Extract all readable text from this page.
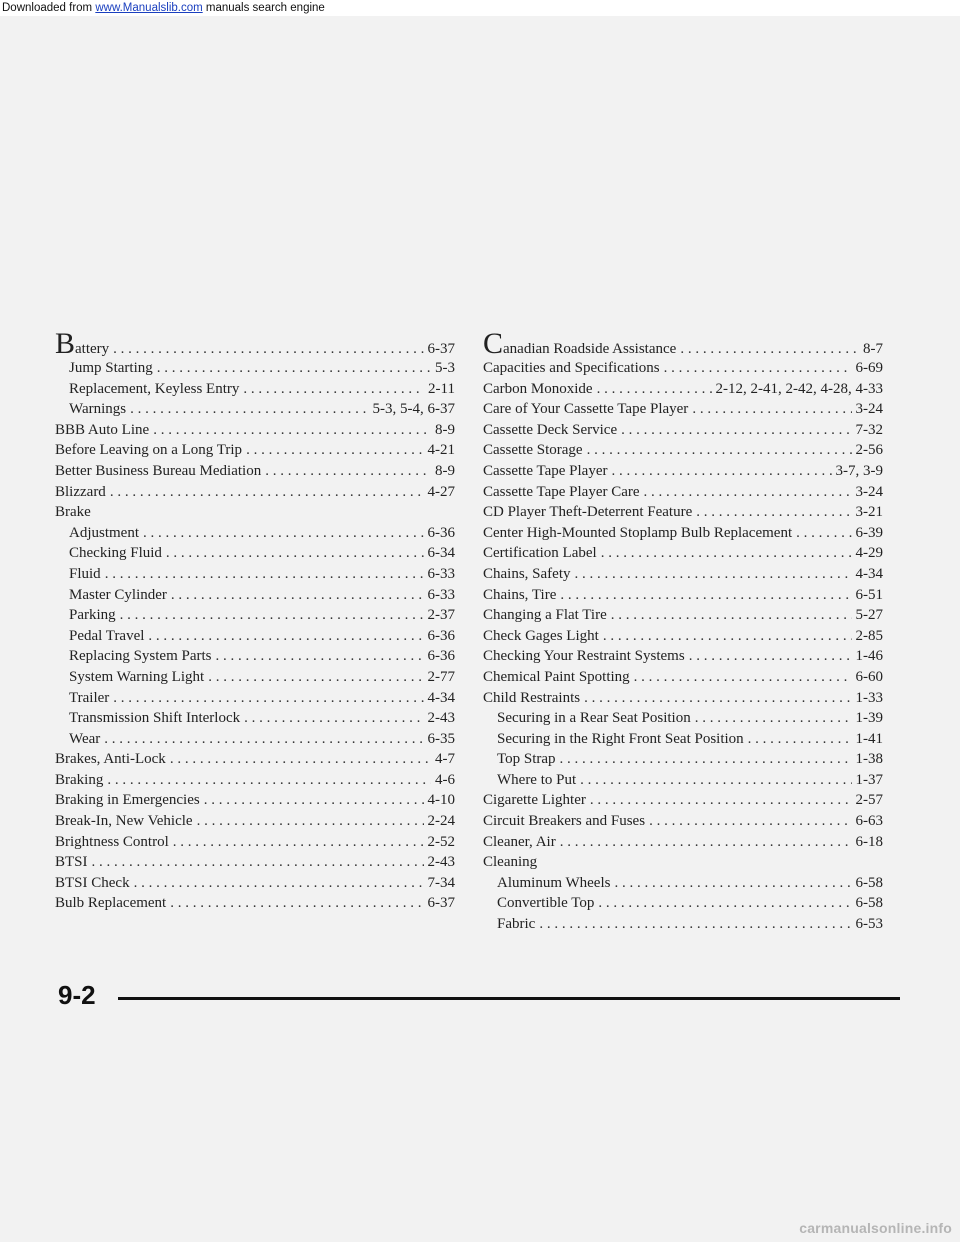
Downloaded from www.Manualslib.com manuals search engine
Battery . . .	6-37
Jump Starting . . .	5-3
Replacement, Keyless Entry . . .	2-11
Warnings . . .	5-3, 5-4, 6-37
BBB Auto Line . . .	8-9
Before Leaving on a Long Trip . . .	4-21
Better Business Bureau Mediation . . .	8-9
Blizzard . . .	4-27
Brake
Adjustment . . .	6-36
Checking Fluid . . .	6-34
Fluid . . .	6-33
Master Cylinder . . .	6-33
Parking . . .	2-37
Pedal Travel . . .	6-36
Replacing System Parts . . .	6-36
System Warning Light . . .	2-77
Trailer . . .	4-34
Transmission Shift Interlock . . .	2-43
Wear . . .	6-35
Brakes, Anti-Lock . . .	4-7
Braking . . .	4-6
Braking in Emergencies . . .	4-10
Break-In, New Vehicle . . .	2-24
Brightness Control . . .	2-52
BTSI . . .	2-43
BTSI Check . . .	7-34
Bulb Replacement . . .	6-37
Canadian Roadside Assistance . . .	8-7
Capacities and Specifications . . .	6-69
Carbon Monoxide . . .	2-12, 2-41, 2-42, 4-28, 4-33
Care of Your Cassette Tape Player . . .	3-24
Cassette Deck Service . . .	7-32
Cassette Storage . . .	2-56
Cassette Tape Player . . .	3-7, 3-9
Cassette Tape Player Care . . .	3-24
CD Player Theft-Deterrent Feature . . .	3-21
Center High-Mounted Stoplamp Bulb Replacement . . .	6-39
Certification Label . . .	4-29
Chains, Safety . . .	4-34
Chains, Tire . . .	6-51
Changing a Flat Tire . . .	5-27
Check Gages Light . . .	2-85
Checking Your Restraint Systems . . .	1-46
Chemical Paint Spotting . . .	6-60
Child Restraints . . .	1-33
Securing in a Rear Seat Position . . .	1-39
Securing in the Right Front Seat Position . . .	1-41
Top Strap . . .	1-38
Where to Put . . .	1-37
Cigarette Lighter . . .	2-57
Circuit Breakers and Fuses . . .	6-63
Cleaner, Air . . .	6-18
Cleaning
Aluminum Wheels . . .	6-58
Convertible Top . . .	6-58
Fabric . . .	6-53
9-2
carmanualsonline.info
